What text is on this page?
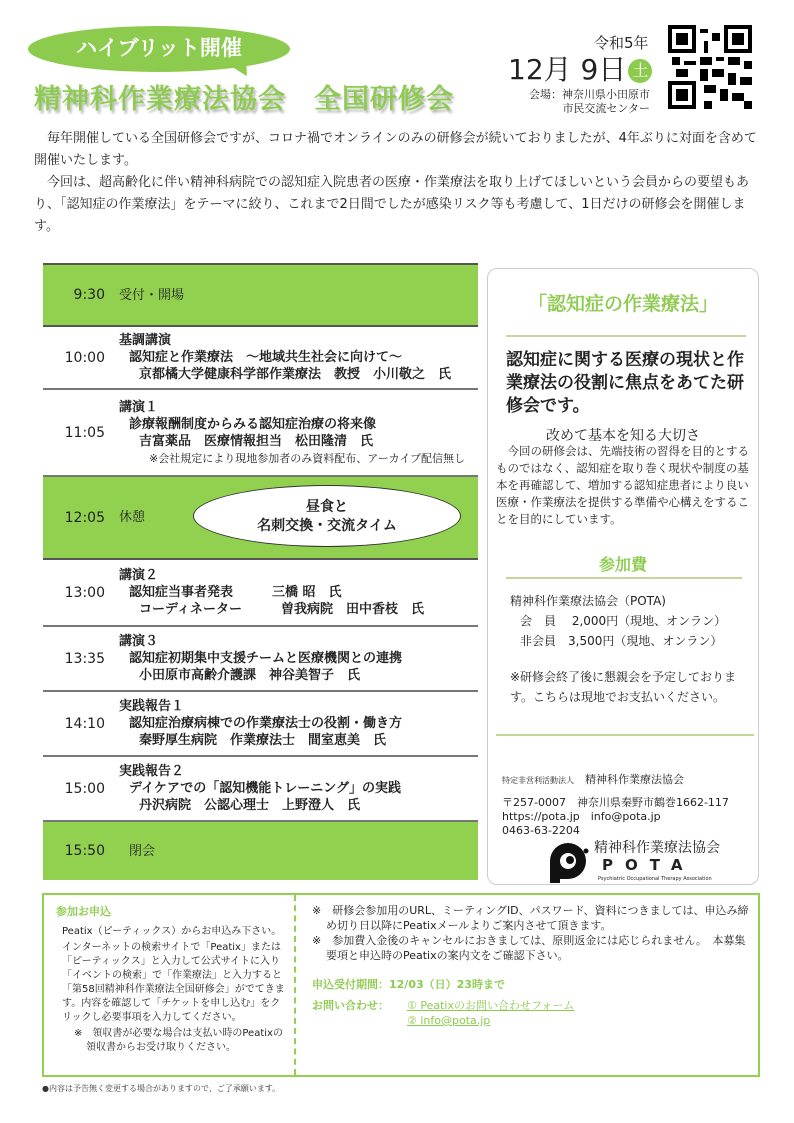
ハイブリット開催
精神科作業療法協会　全国研修会
令和5年
12月 9日 土
会場：神奈川県小田原市
市民交流センター

毎年開催している全国研修会ですが、コロナ禍でオンラインのみの研修会が続いておりましたが、4年ぶりに対面を含めて開催いたします。

今回は、超高齢化に伴い精神科病院での認知症入院患者の医療・作業療法を取り上げてほしいという会員からの要望もあり、「認知症の作業療法」をテーマに絞り、これまで2日間でしたが感染リスク等も考慮して、1日だけの研修会を開催します。

9:30 受付・開場
10:00
基調講演
認知症と作業療法　～地域共生社会に向けて～
京都橘大学健康科学部作業療法　教授　小川敬之　氏
11:05
講演１
診療報酬制度からみる認知症治療の将来像
吉富薬品　医療情報担当　松田隆清　氏
※会社規定により現地参加者のみ資料配布、アーカイブ配信無し
12:05 休憩
昼食と
名刺交換・交流タイム
13:00
講演２
認知症当事者発表　　　三橋 昭　氏
コーディネーター　　　曽我病院　田中香枝　氏
13:35
講演３
認知症初期集中支援チームと医療機関との連携
小田原市高齢介護課　神谷美智子　氏
14:10
実践報告１
認知症治療病棟での作業療法士の役割・働き方
秦野厚生病院　作業療法士　間室恵美　氏
15:00
実践報告２
デイケアでの「認知機能トレーニング」の実践
丹沢病院　公認心理士　上野澄人　氏
15:50 閉会
「認知症の作業療法」
認知症に関する医療の現状と作業療法の役割に焦点をあてた研修会です。
改めて基本を知る大切さ
今回の研修会は、先端技術の習得を目的とするものではなく、認知症を取り巻く現状や制度の基本を再確認して、増加する認知症患者により良い医療・作業療法を提供する準備や心構えをすることを目的にしています。
参加費
精神科作業療法協会（POTA)
会　員　 2,000円（現地、オンラン）
非会員　3,500円（現地、オンラン）
※研修会終了後に懇親会を予定しております。こちらは現地でお支払いください。
特定非営利活動法人　 精神科作業療法協会
〒257-0007　神奈川県秦野市鶴巻1662-117
https://pota.jp　info@pota.jp
0463-63-2204
精神科作業療法協会
POTA
Psychiatric Occupational Therapy Association
参加お申込
Peatix（ピーティックス）からお申込み下さい。
インターネットの検索サイトで「Peatix」または「ピーティックス」と入力して公式サイトに入り「イベントの検索」で「作業療法」と入力すると「第58回精神科作業療法全国研修会」がでてきます。内容を確認して「チケットを申し込む」をクリックし必要事項を入力してください。
※　領収書が必要な場合は支払い時のPeatixの領収書からお受け取りください。
※　研修会参加用のURL、ミーティングID、パスワード、資料につきましては、申込み締め切り日以降にPeatixメールよりご案内させて頂きます。
※　参加費入金後のキャンセルにおきましては、原則返金には応じられません。　本募集要項と申込時のPeatixの案内文をご確認下さい。
申込受付期間：12/03（日）23時まで
お問い合わせ：	① Peatixのお問い合わせフォーム
② info@pota.jp
●内容は予告無く変更する場合がありますので、ご了承願います。
